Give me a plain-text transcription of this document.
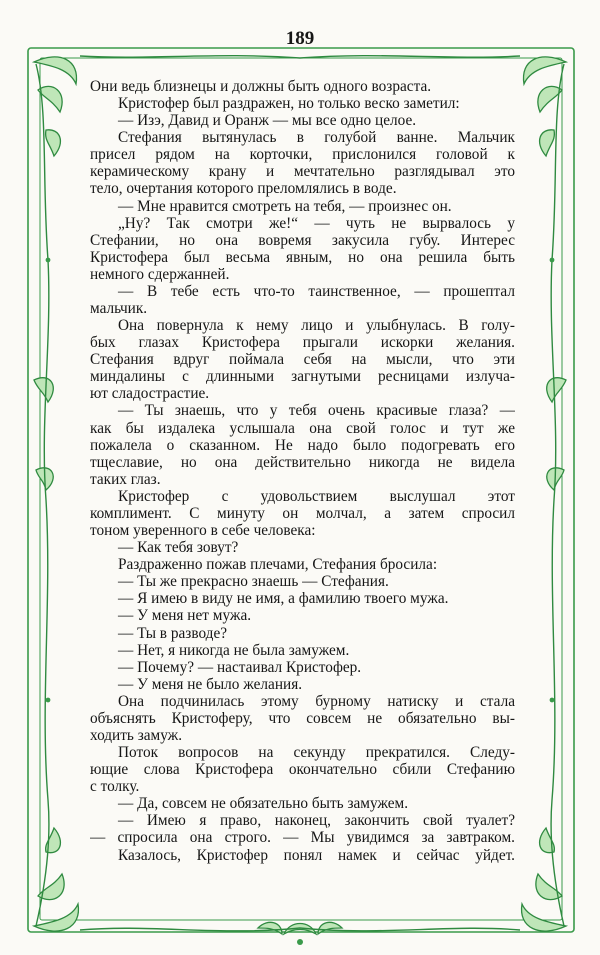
189

Они ведь близнецы и должны быть одного возраста.

Кристофер был раздражен, но только веско заметил:

— Изэ, Давид и Оранж — мы все одно целое.

Стефания вытянулась в голубой ванне. Мальчик

присел рядом на корточки, прислонился головой к

керамическому крану и мечтательно разглядывал это

тело, очертания которого преломлялись в воде.

— Мне нравится смотреть на тебя, — произнес он.

„Ну? Так смотри же!“ — чуть не вырвалось у

Стефании, но она вовремя закусила губу. Интерес

Кристофера был весьма явным, но она решила быть

немного сдержанней.

— В тебе есть что-то таинственное, — прошептал

мальчик.

Она повернула к нему лицо и улыбнулась. В голу-

бых глазах Кристофера прыгали искорки желания.

Стефания вдруг поймала себя на мысли, что эти

миндалины с длинными загнутыми ресницами излуча-

ют сладострастие.

— Ты знаешь, что у тебя очень красивые глаза? —

как бы издалека услышала она свой голос и тут же

пожалела о сказанном. Не надо было подогревать его

тщеславие, но она действительно никогда не видела

таких глаз.

Кристофер с удовольствием выслушал этот

комплимент. С минуту он молчал, а затем спросил

тоном уверенного в себе человека:

— Как тебя зовут?

Раздраженно пожав плечами, Стефания бросила:

— Ты же прекрасно знаешь — Стефания.

— Я имею в виду не имя, а фамилию твоего мужа.

— У меня нет мужа.

— Ты в разводе?

— Нет, я никогда не была замужем.

— Почему? — настаивал Кристофер.

— У меня не было желания.

Она подчинилась этому бурному натиску и стала

объяснять Кристоферу, что совсем не обязательно вы-

ходить замуж.

Поток вопросов на секунду прекратился. Следу-

ющие слова Кристофера окончательно сбили Стефанию

с толку.

— Да, совсем не обязательно быть замужем.

— Имею я право, наконец, закончить свой туалет?

— спросила она строго. — Мы увидимся за завтраком.

Казалось, Кристофер понял намек и сейчас уйдет.
